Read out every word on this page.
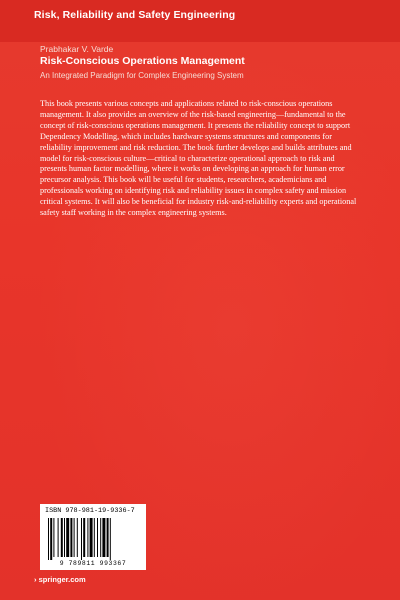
Risk, Reliability and Safety Engineering
Prabhakar V. Varde
Risk-Conscious Operations Management
An Integrated Paradigm for Complex Engineering System
This book presents various concepts and applications related to risk-conscious operations management. It also provides an overview of the risk-based engineering—fundamental to the concept of risk-conscious operations management. It presents the reliability concept to support Dependency Modelling, which includes hardware systems structures and components for reliability improvement and risk reduction. The book further develops and builds attributes and model for risk-conscious culture—critical to characterize operational approach to risk and presents human factor modelling, where it works on developing an approach for human error precursor analysis. This book will be useful for students, researchers, academicians and professionals working on identifying risk and reliability issues in complex safety and mission critical systems. It will also be beneficial for industry risk-and-reliability experts and operational safety staff working in the complex engineering systems.
ISBN 978-981-19-9336-7
9 789811 993367
› springer.com
